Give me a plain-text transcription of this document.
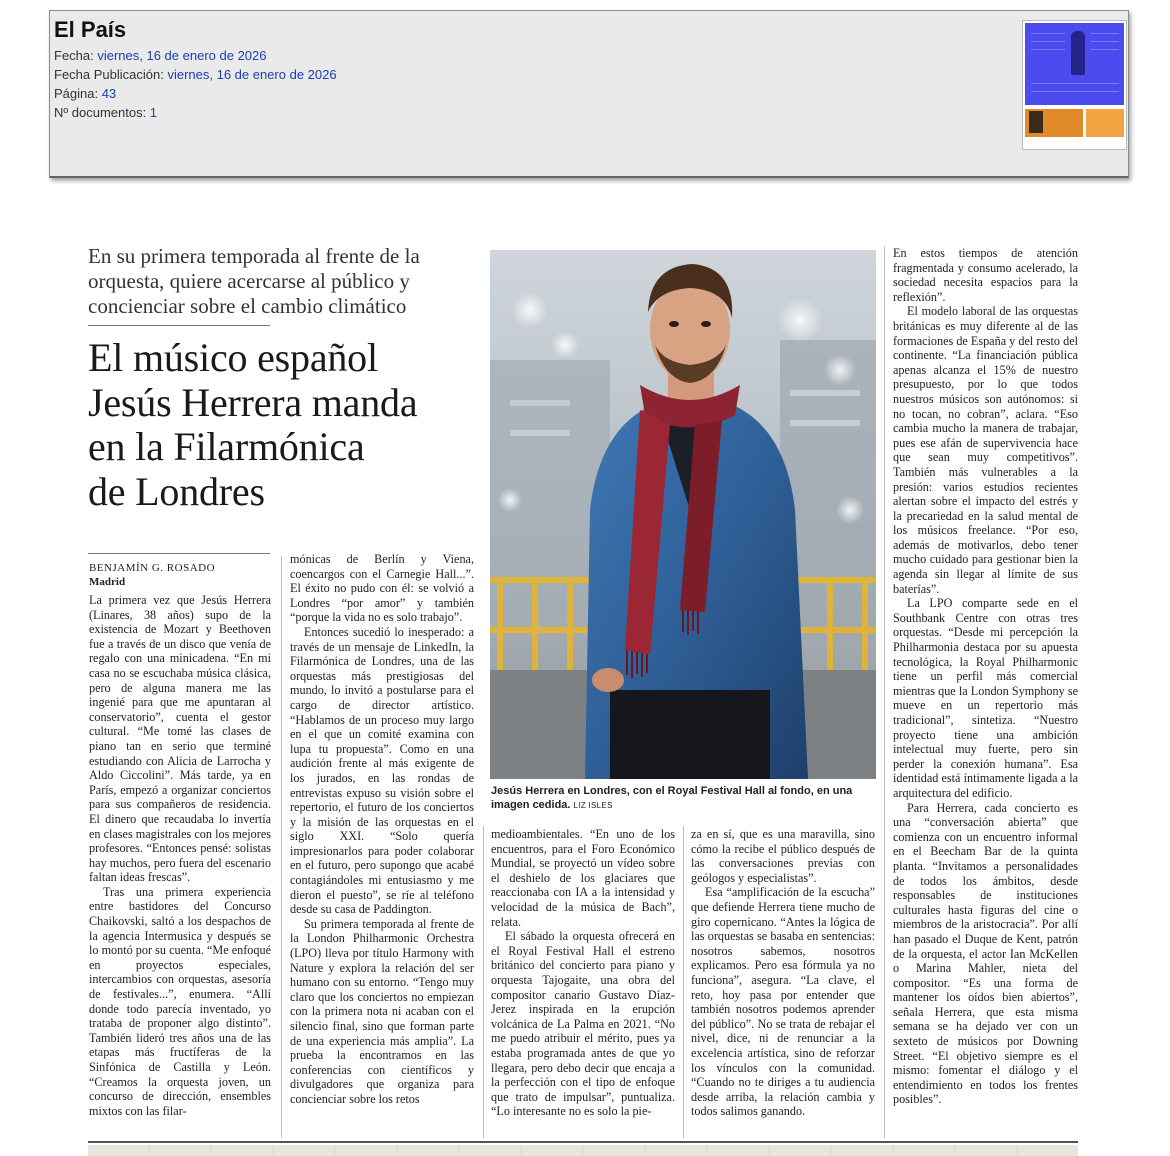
El País
Fecha: viernes, 16 de enero de 2026
Fecha Publicación: viernes, 16 de enero de 2026
Página: 43
Nº documentos: 1
En su primera temporada al frente de la orquesta, quiere acercarse al público y concienciar sobre el cambio climático
El músico español
Jesús Herrera manda
en la Filarmónica
de Londres
BENJAMÍN G. ROSADO
Madrid

La primera vez que Jesús Herrera (Linares, 38 años) supo de la existencia de Mozart y Beethoven fue a través de un disco que venía de regalo con una minicadena. “En mi casa no se escuchaba música clásica, pero de alguna manera me las ingenié para que me apuntaran al conservatorio”, cuenta el gestor cultural. “Me tomé las clases de piano tan en serio que terminé estudiando con Alicia de Larrocha y Aldo Ciccolini”. Más tarde, ya en París, empezó a organizar conciertos para sus compañeros de residencia. El dinero que recaudaba lo invertía en clases magistrales con los mejores profesores. “Entonces pensé: solistas hay muchos, pero fuera del escenario faltan ideas frescas”.

Tras una primera experiencia entre bastidores del Concurso Chaikovski, saltó a los despachos de la agencia Intermusica y después se lo montó por su cuenta. “Me enfoqué en proyectos especiales, intercambios con orquestas, asesoría de festivales...”, enumera. “Allí donde todo parecía inventado, yo trataba de proponer algo distinto”. También lideró tres años una de las etapas más fructíferas de la Sinfónica de Castilla y León. “Creamos la orquesta joven, un concurso de dirección, ensembles mixtos con las filar-

mónicas de Berlín y Viena, coencargos con el Carnegie Hall...”. El éxito no pudo con él: se volvió a Londres “por amor” y también “porque la vida no es solo trabajo”.

Entonces sucedió lo inesperado: a través de un mensaje de LinkedIn, la Filarmónica de Londres, una de las orquestas más prestigiosas del mundo, lo invitó a postularse para el cargo de director artístico. “Hablamos de un proceso muy largo en el que un comité examina con lupa tu propuesta”. Como en una audición frente al más exigente de los jurados, en las rondas de entrevistas expuso su visión sobre el repertorio, el futuro de los conciertos y la misión de las orquestas en el siglo XXI. “Solo quería impresionarlos para poder colaborar en el futuro, pero supongo que acabé contagiándoles mi entusiasmo y me dieron el puesto”, se ríe al teléfono desde su casa de Paddington.

Su primera temporada al frente de la London Philharmonic Orchestra (LPO) lleva por título Harmony with Nature y explora la relación del ser humano con su entorno. “Tengo muy claro que los conciertos no empiezan con la primera nota ni acaban con el silencio final, sino que forman parte de una experiencia más amplia”. La prueba la encontramos en las conferencias con científicos y divulgadores que organiza para concienciar sobre los retos

Jesús Herrera en Londres, con el Royal Festival Hall al fondo, en una imagen cedida. LIZ ISLES

medioambientales. “En uno de los encuentros, para el Foro Económico Mundial, se proyectó un vídeo sobre el deshielo de los glaciares que reaccionaba con IA a la intensidad y velocidad de la música de Bach”, relata.

El sábado la orquesta ofrecerá en el Royal Festival Hall el estreno británico del concierto para piano y orquesta Tajogaite, una obra del compositor canario Gustavo Díaz-Jerez inspirada en la erupción volcánica de La Palma en 2021. “No me puedo atribuir el mérito, pues ya estaba programada antes de que yo llegara, pero debo decir que encaja a la perfección con el tipo de enfoque que trato de impulsar”, puntualiza. “Lo interesante no es solo la pie-

za en sí, que es una maravilla, sino cómo la recibe el público después de las conversaciones previas con geólogos y especialistas”.

Esa “amplificación de la escucha” que defiende Herrera tiene mucho de giro copernicano. “Antes la lógica de las orquestas se basaba en sentencias: nosotros sabemos, nosotros explicamos. Pero esa fórmula ya no funciona”, asegura. “La clave, el reto, hoy pasa por entender que también nosotros podemos aprender del público”. No se trata de rebajar el nivel, dice, ni de renunciar a la excelencia artística, sino de reforzar los vínculos con la comunidad. “Cuando no te diriges a tu audiencia desde arriba, la relación cambia y todos salimos ganando.

En estos tiempos de atención fragmentada y consumo acelerado, la sociedad necesita espacios para la reflexión”.

El modelo laboral de las orquestas británicas es muy diferente al de las formaciones de España y del resto del continente. “La financiación pública apenas alcanza el 15% de nuestro presupuesto, por lo que todos nuestros músicos son autónomos: si no tocan, no cobran”, aclara. “Eso cambia mucho la manera de trabajar, pues ese afán de supervivencia hace que sean muy competitivos”. También más vulnerables a la presión: varios estudios recientes alertan sobre el impacto del estrés y la precariedad en la salud mental de los músicos freelance. “Por eso, además de motivarlos, debo tener mucho cuidado para gestionar bien la agenda sin llegar al límite de sus baterías”.

La LPO comparte sede en el Southbank Centre con otras tres orquestas. “Desde mi percepción la Philharmonia destaca por su apuesta tecnológica, la Royal Philharmonic tiene un perfil más comercial mientras que la London Symphony se mueve en un repertorio más tradicional”, sintetiza. “Nuestro proyecto tiene una ambición intelectual muy fuerte, pero sin perder la conexión humana”. Esa identidad está íntimamente ligada a la arquitectura del edificio.

Para Herrera, cada concierto es una “conversación abierta” que comienza con un encuentro informal en el Beecham Bar de la quinta planta. “Invitamos a personalidades de todos los ámbitos, desde responsables de instituciones culturales hasta figuras del cine o miembros de la aristocracia”. Por allí han pasado el Duque de Kent, patrón de la orquesta, el actor Ian McKellen o Marina Mahler, nieta del compositor. “Es una forma de mantener los oídos bien abiertos”, señala Herrera, que esta misma semana se ha dejado ver con un sexteto de músicos por Downing Street. “El objetivo siempre es el mismo: fomentar el diálogo y el entendimiento en todos los frentes posibles”.
